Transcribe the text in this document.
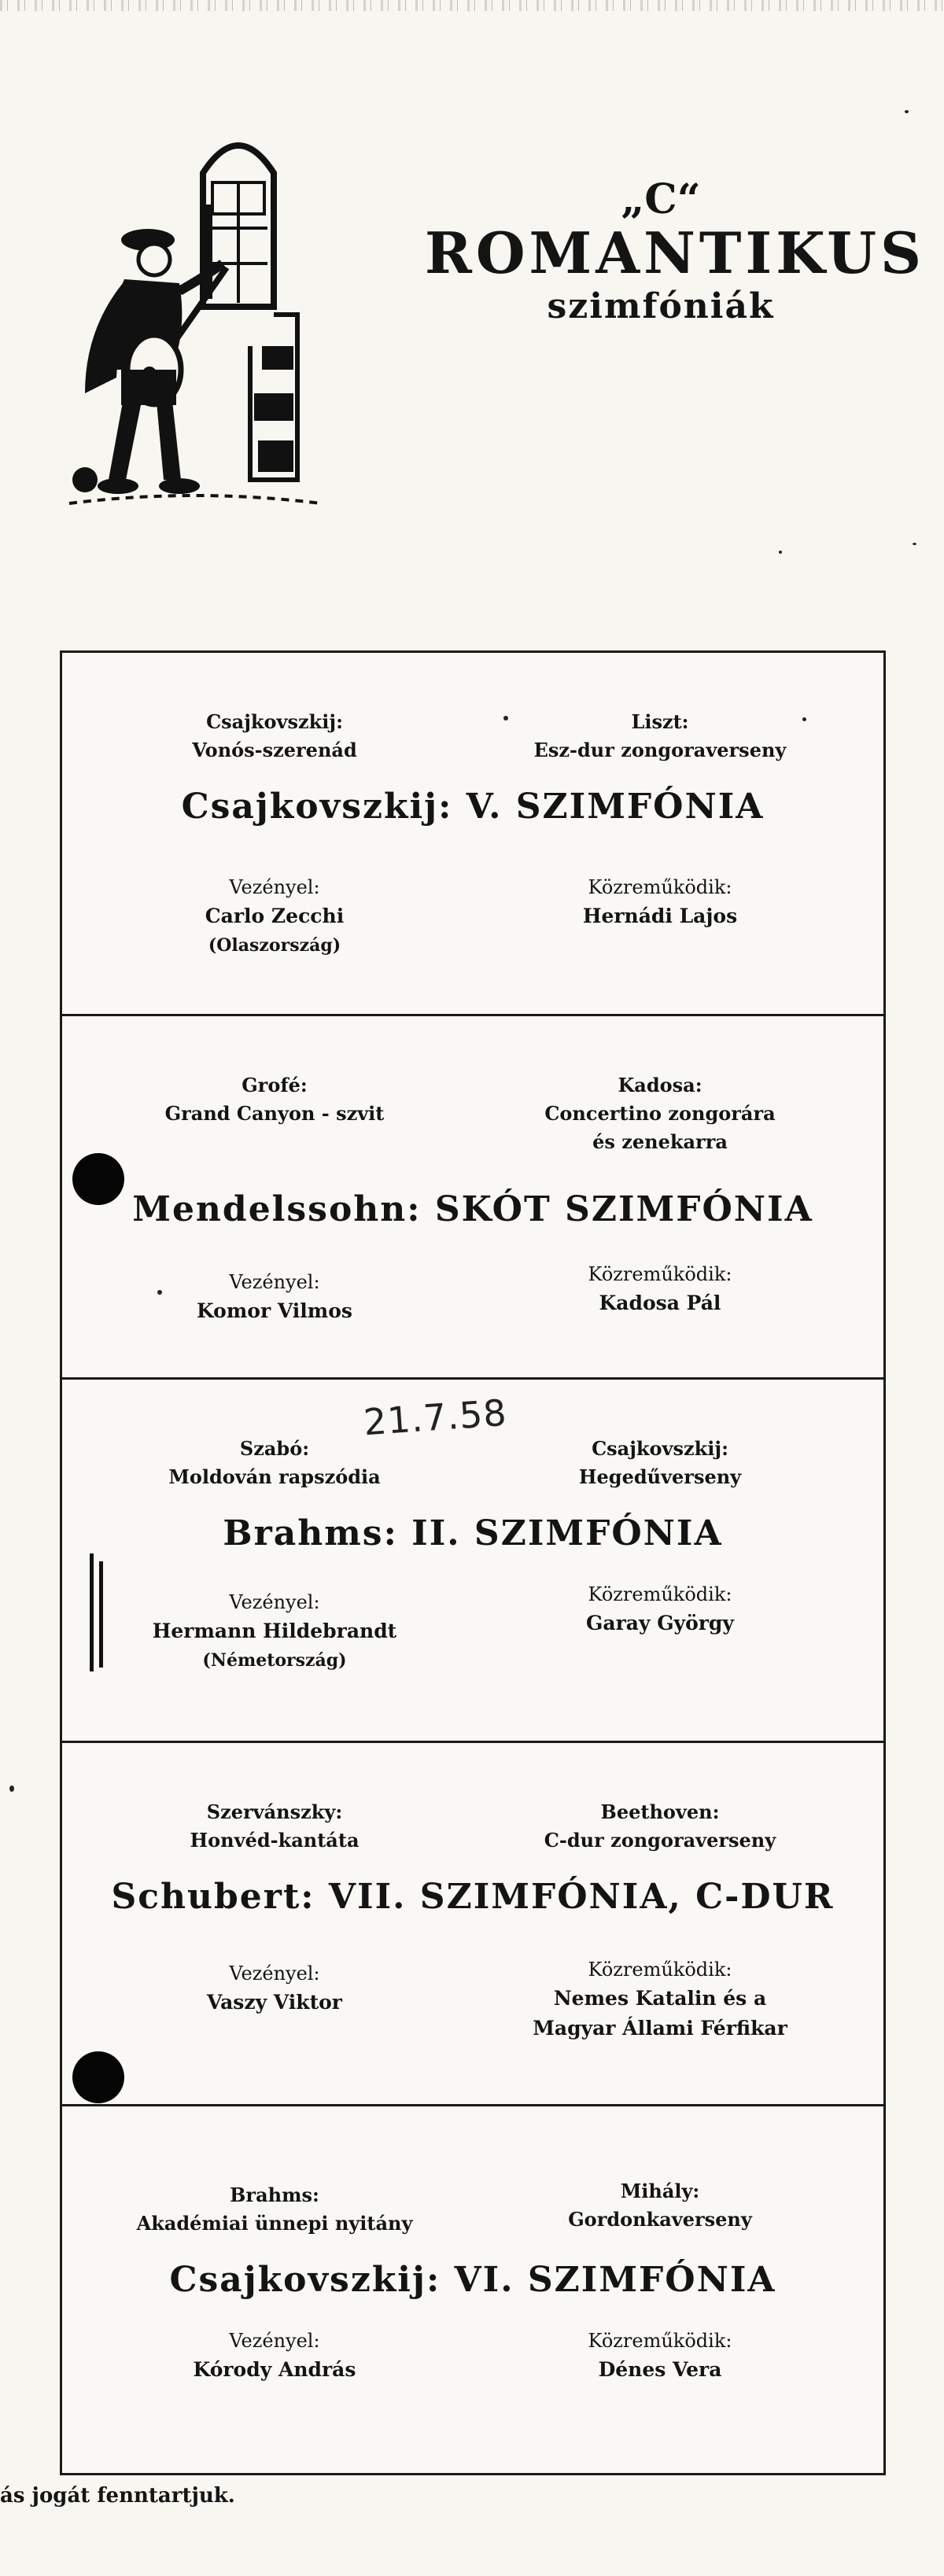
„C“
ROMANTIKUS
szimfóniák
Csajkovszkij:
Vonós-szerenád
Liszt:
Esz-dur zongoraverseny
Csajkovszkij: V. SZIMFÓNIA
Vezényel:
Carlo Zecchi
(Olaszország)
Közreműködik:
Hernádi Lajos
Grofé:
Grand Canyon - szvit
Kadosa:
Concertino zongorára
és zenekarra
Mendelssohn: SKÓT SZIMFÓNIA
Vezényel:
Komor Vilmos
Közreműködik:
Kadosa Pál
Szabó:
Moldován rapszódia
Csajkovszkij:
Hegedűverseny
Brahms: II. SZIMFÓNIA
Vezényel:
Hermann Hildebrandt
(Németország)
Közreműködik:
Garay György
Szervánszky:
Honvéd-kantáta
Beethoven:
C-dur zongoraverseny
Schubert: VII. SZIMFÓNIA, C-DUR
Vezényel:
Vaszy Viktor
Közreműködik:
Nemes Katalin és a
Magyar Állami Férfikar
Brahms:
Akadémiai ünnepi nyitány
Mihály:
Gordonkaverseny
Csajkovszkij: VI. SZIMFÓNIA
Vezényel:
Kórody András
Közreműködik:
Dénes Vera
21.7.58
ás jogát fenntartjuk.
